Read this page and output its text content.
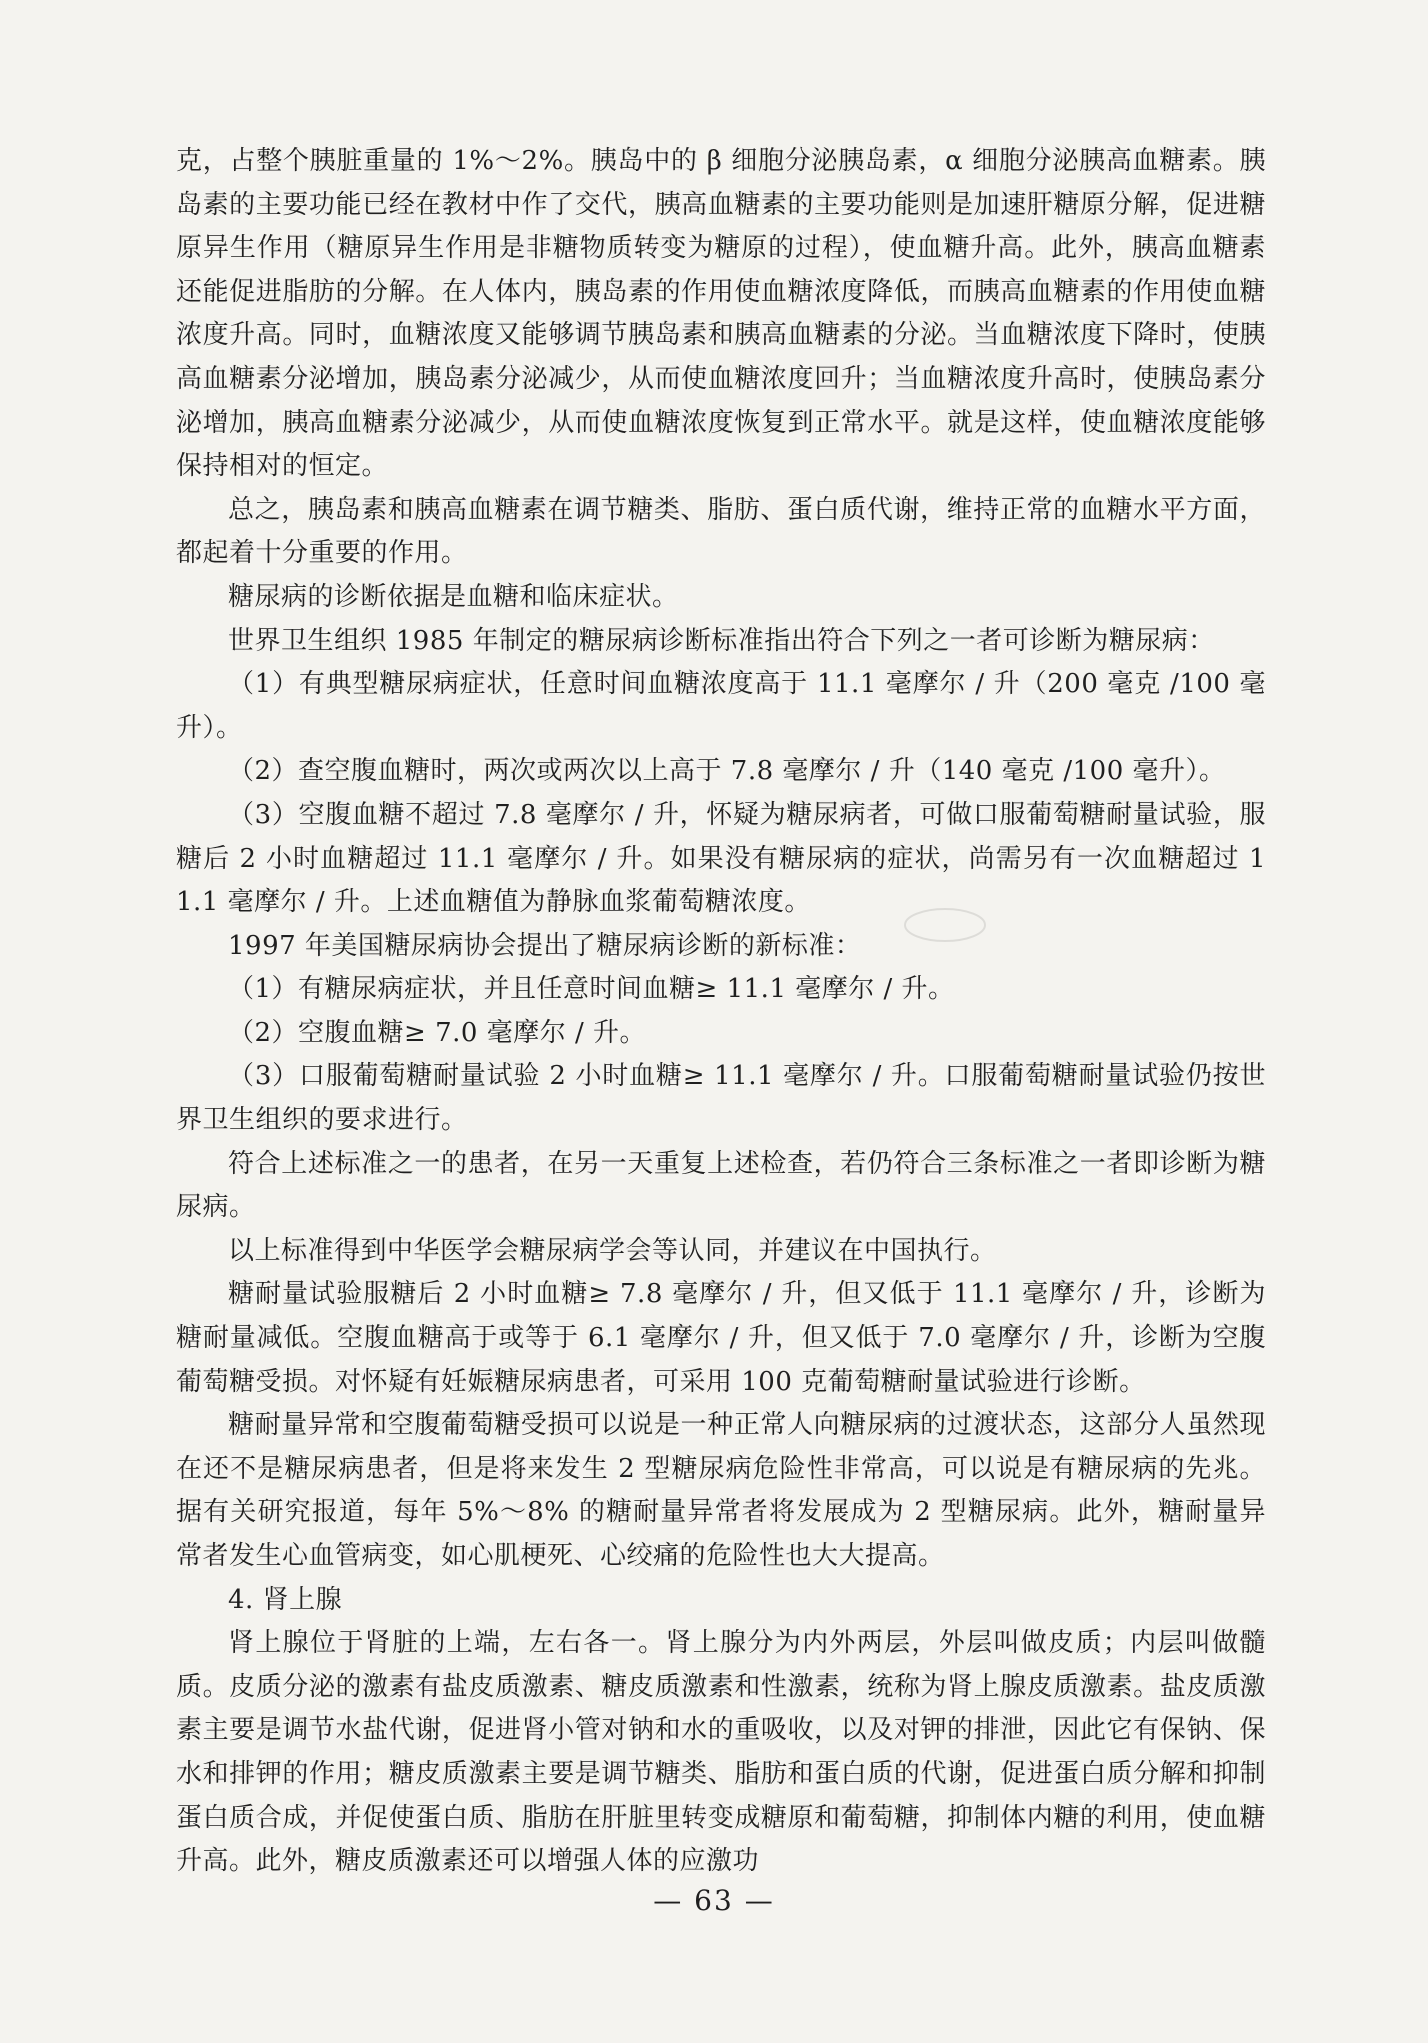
克，占整个胰脏重量的 1%～2%。胰岛中的 β 细胞分泌胰岛素，α 细胞分泌胰高血糖素。胰岛素的主要功能已经在教材中作了交代，胰高血糖素的主要功能则是加速肝糖原分解，促进糖原异生作用（糖原异生作用是非糖物质转变为糖原的过程），使血糖升高。此外，胰高血糖素还能促进脂肪的分解。在人体内，胰岛素的作用使血糖浓度降低，而胰高血糖素的作用使血糖浓度升高。同时，血糖浓度又能够调节胰岛素和胰高血糖素的分泌。当血糖浓度下降时，使胰高血糖素分泌增加，胰岛素分泌减少，从而使血糖浓度回升；当血糖浓度升高时，使胰岛素分泌增加，胰高血糖素分泌减少，从而使血糖浓度恢复到正常水平。就是这样，使血糖浓度能够保持相对的恒定。

总之，胰岛素和胰高血糖素在调节糖类、脂肪、蛋白质代谢，维持正常的血糖水平方面，都起着十分重要的作用。

糖尿病的诊断依据是血糖和临床症状。

世界卫生组织 1985 年制定的糖尿病诊断标准指出符合下列之一者可诊断为糖尿病：

（1）有典型糖尿病症状，任意时间血糖浓度高于 11.1 毫摩尔 / 升（200 毫克 /100 毫升）。

（2）查空腹血糖时，两次或两次以上高于 7.8 毫摩尔 / 升（140 毫克 /100 毫升）。

（3）空腹血糖不超过 7.8 毫摩尔 / 升，怀疑为糖尿病者，可做口服葡萄糖耐量试验，服糖后 2 小时血糖超过 11.1 毫摩尔 / 升。如果没有糖尿病的症状，尚需另有一次血糖超过 11.1 毫摩尔 / 升。上述血糖值为静脉血浆葡萄糖浓度。

1997 年美国糖尿病协会提出了糖尿病诊断的新标准：

（1）有糖尿病症状，并且任意时间血糖≥ 11.1 毫摩尔 / 升。

（2）空腹血糖≥ 7.0 毫摩尔 / 升。

（3）口服葡萄糖耐量试验 2 小时血糖≥ 11.1 毫摩尔 / 升。口服葡萄糖耐量试验仍按世界卫生组织的要求进行。

符合上述标准之一的患者，在另一天重复上述检查，若仍符合三条标准之一者即诊断为糖尿病。

以上标准得到中华医学会糖尿病学会等认同，并建议在中国执行。

糖耐量试验服糖后 2 小时血糖≥ 7.8 毫摩尔 / 升，但又低于 11.1 毫摩尔 / 升，诊断为糖耐量减低。空腹血糖高于或等于 6.1 毫摩尔 / 升，但又低于 7.0 毫摩尔 / 升，诊断为空腹葡萄糖受损。对怀疑有妊娠糖尿病患者，可采用 100 克葡萄糖耐量试验进行诊断。

糖耐量异常和空腹葡萄糖受损可以说是一种正常人向糖尿病的过渡状态，这部分人虽然现在还不是糖尿病患者，但是将来发生 2 型糖尿病危险性非常高，可以说是有糖尿病的先兆。据有关研究报道，每年 5%～8% 的糖耐量异常者将发展成为 2 型糖尿病。此外，糖耐量异常者发生心血管病变，如心肌梗死、心绞痛的危险性也大大提高。

4. 肾上腺

肾上腺位于肾脏的上端，左右各一。肾上腺分为内外两层，外层叫做皮质；内层叫做髓质。皮质分泌的激素有盐皮质激素、糖皮质激素和性激素，统称为肾上腺皮质激素。盐皮质激素主要是调节水盐代谢，促进肾小管对钠和水的重吸收，以及对钾的排泄，因此它有保钠、保水和排钾的作用；糖皮质激素主要是调节糖类、脂肪和蛋白质的代谢，促进蛋白质分解和抑制蛋白质合成，并促使蛋白质、脂肪在肝脏里转变成糖原和葡萄糖，抑制体内糖的利用，使血糖升高。此外，糖皮质激素还可以增强人体的应激功

— 63 —
